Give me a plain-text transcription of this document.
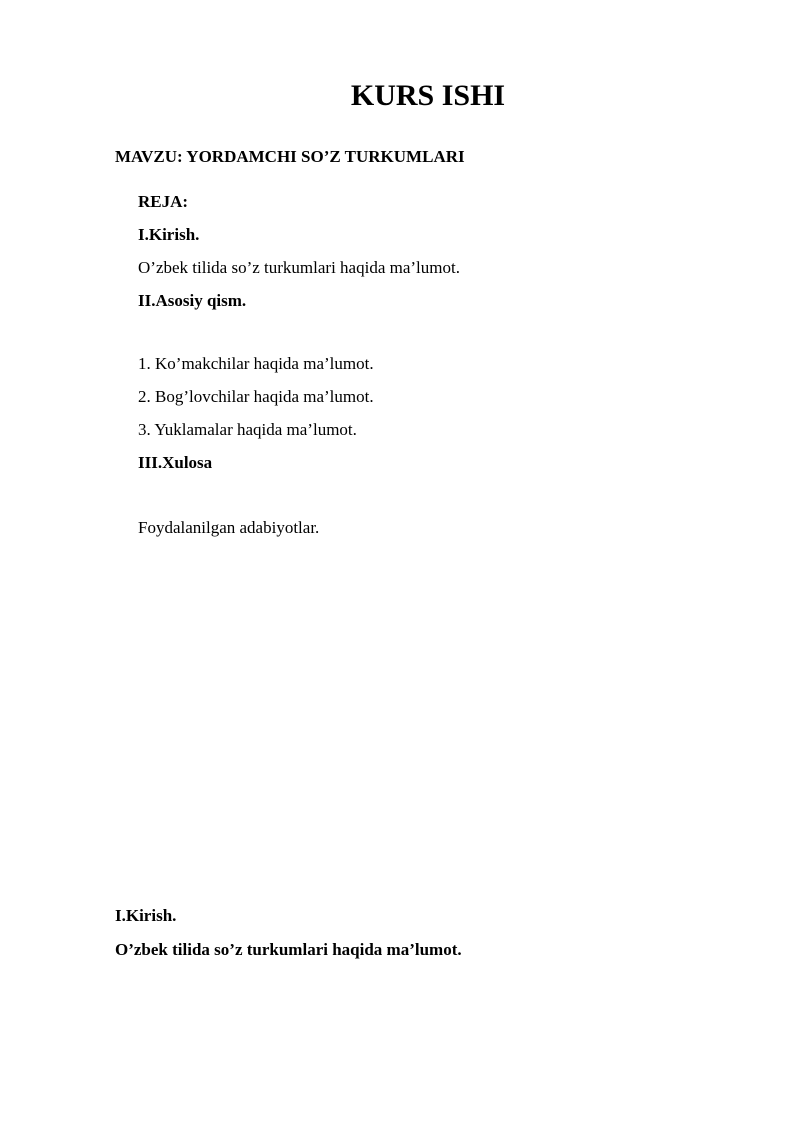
KURS ISHI

MAVZU: YORDAMCHI SO’Z TURKUMLARI

REJA:

I.Kirish.

O’zbek tilida so’z turkumlari haqida ma’lumot.

II.Asosiy qism.

1. Ko’makchilar haqida ma’lumot.

2. Bog’lovchilar haqida ma’lumot.

3. Yuklamalar haqida ma’lumot.

III.Xulosa

Foydalanilgan adabiyotlar.

I.Kirish.

O’zbek tilida so’z turkumlari haqida ma’lumot.
